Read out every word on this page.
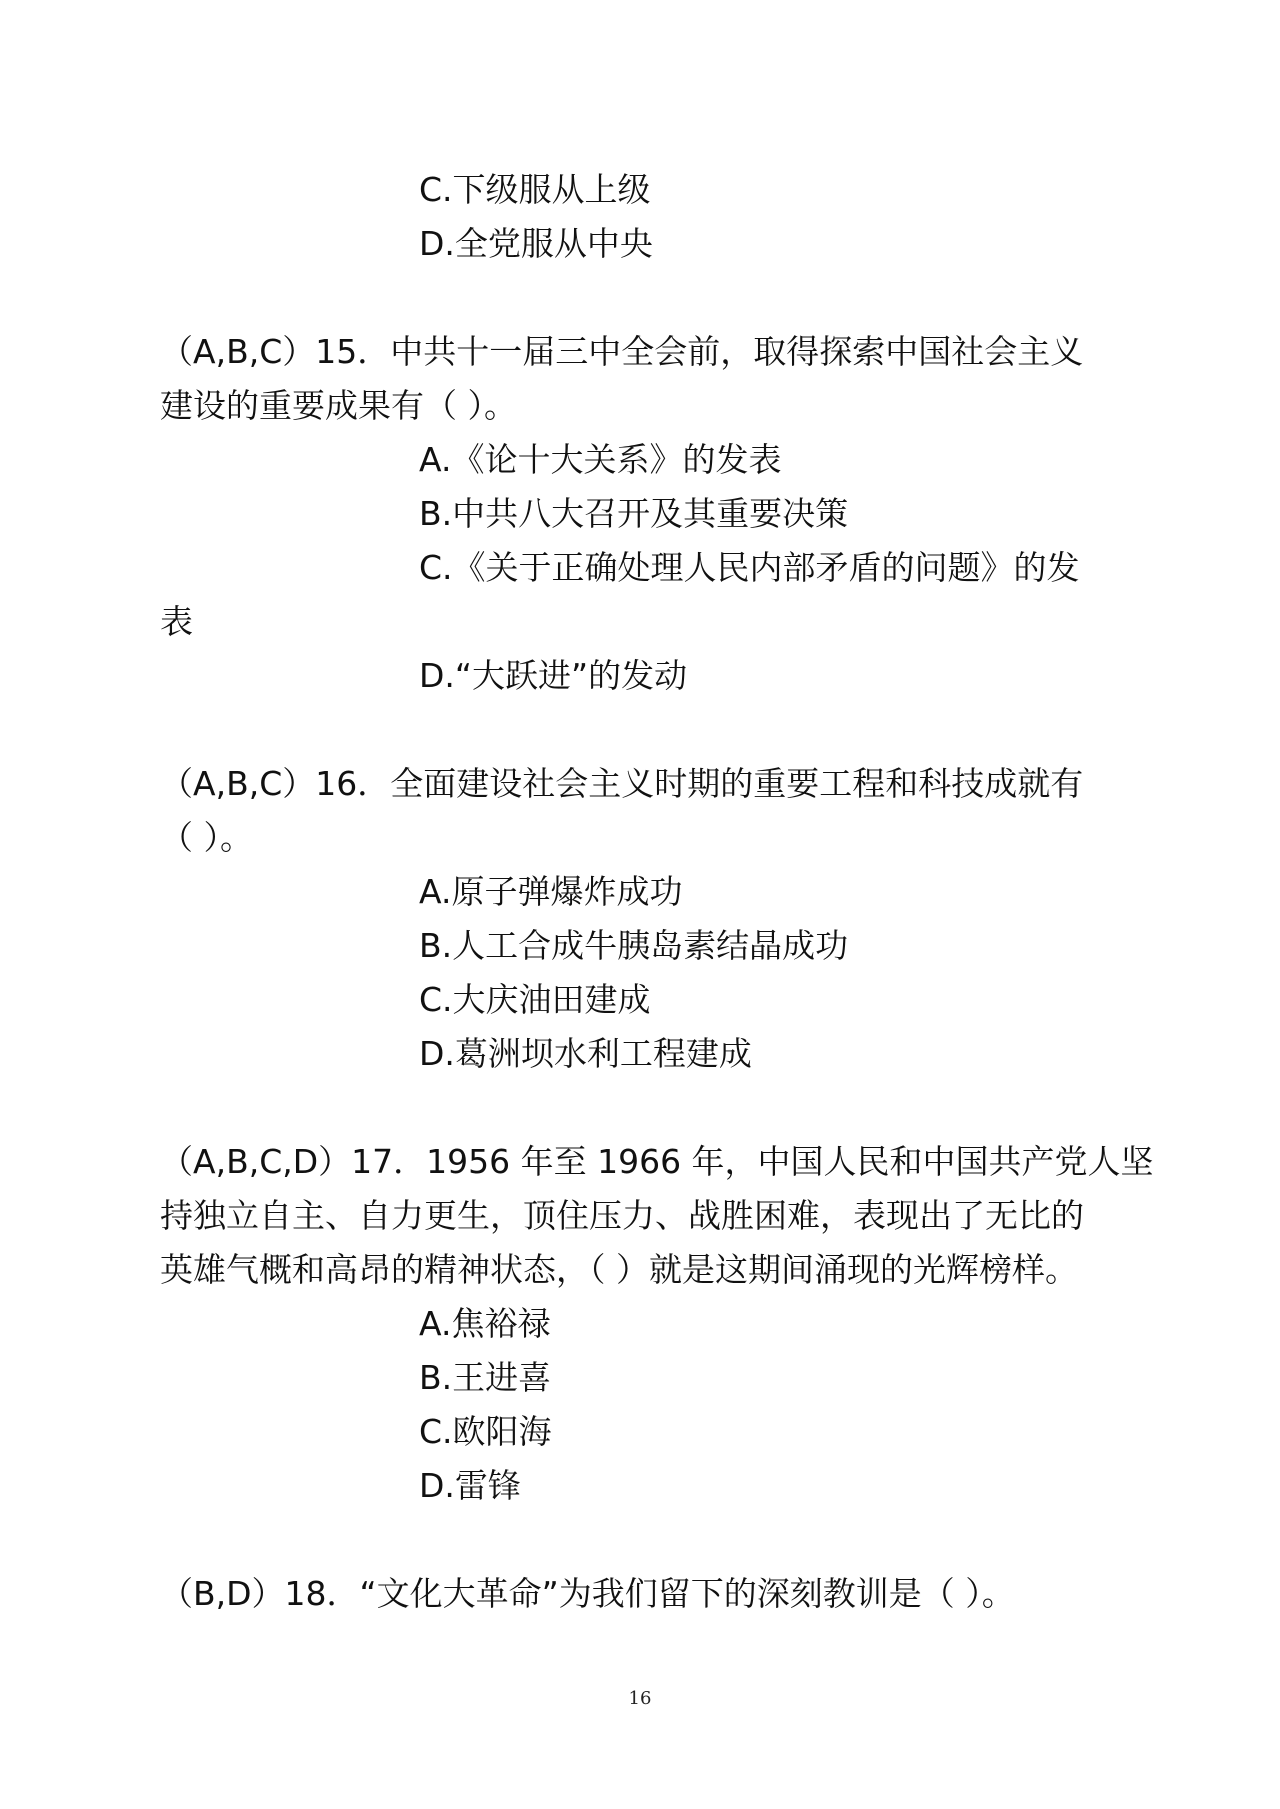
C.下级服从上级
D.全党服从中央
（A,B,C）15．中共十一届三中全会前，取得探索中国社会主义
建设的重要成果有（ ）。
A.《论十大关系》的发表
B.中共八大召开及其重要决策
C.《关于正确处理人民内部矛盾的问题》的发
表
D.“大跃进”的发动
（A,B,C）16．全面建设社会主义时期的重要工程和科技成就有
（ ）。
A.原子弹爆炸成功
B.人工合成牛胰岛素结晶成功
C.大庆油田建成
D.葛洲坝水利工程建成
（A,B,C,D）17．1956 年至 1966 年，中国人民和中国共产党人坚
持独立自主、自力更生，顶住压力、战胜困难，表现出了无比的
英雄气概和高昂的精神状态，（ ）就是这期间涌现的光辉榜样。
A.焦裕禄
B.王进喜
C.欧阳海
D.雷锋
（B,D）18．“文化大革命”为我们留下的深刻教训是（ ）。
16
